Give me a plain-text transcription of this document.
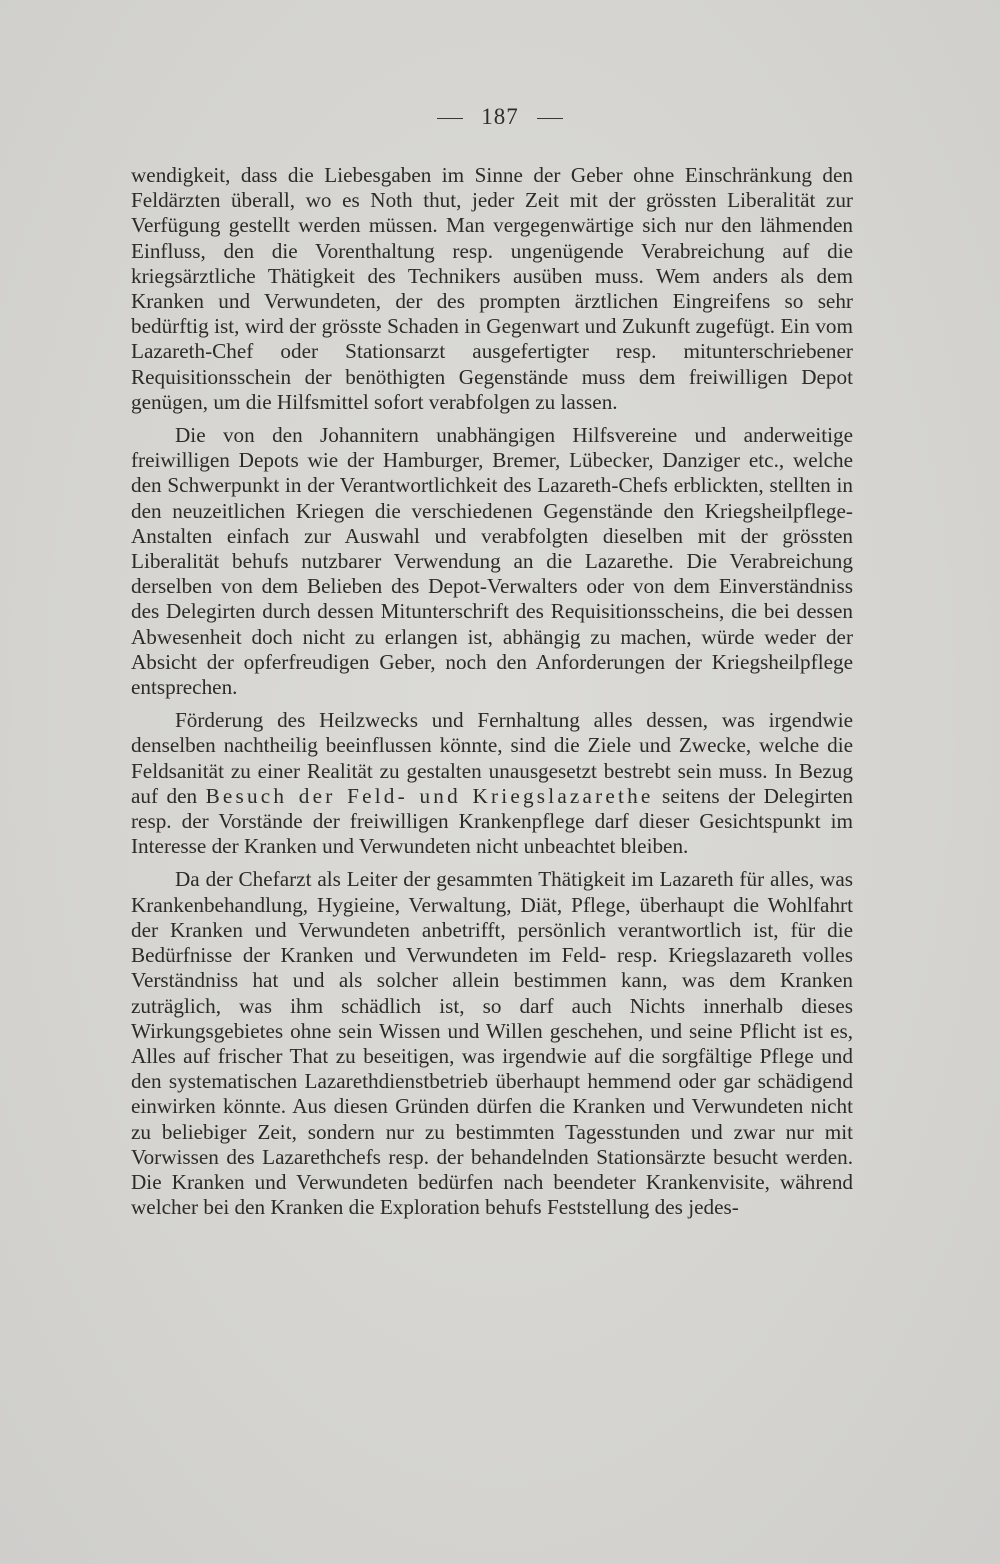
187

wendigkeit, dass die Liebesgaben im Sinne der Geber ohne Einschränkung den Feldärzten überall, wo es Noth thut, jeder Zeit mit der grössten Liberalität zur Verfügung gestellt werden müssen. Man vergegenwärtige sich nur den lähmenden Einfluss, den die Vorenthaltung resp. ungenügende Verabreichung auf die kriegsärztliche Thätigkeit des Technikers ausüben muss. Wem anders als dem Kranken und Verwundeten, der des prompten ärztlichen Eingreifens so sehr bedürftig ist, wird der grösste Schaden in Gegenwart und Zukunft zugefügt. Ein vom Lazareth-Chef oder Stationsarzt ausgefertigter resp. mitunterschriebener Requisitionsschein der benöthigten Gegenstände muss dem freiwilligen Depot genügen, um die Hilfsmittel sofort verabfolgen zu lassen.

Die von den Johannitern unabhängigen Hilfsvereine und anderweitige freiwilligen Depots wie der Hamburger, Bremer, Lübecker, Danziger etc., welche den Schwerpunkt in der Verantwortlichkeit des Lazareth-Chefs erblickten, stellten in den neuzeitlichen Kriegen die verschiedenen Gegenstände den Kriegsheilpflege-Anstalten einfach zur Auswahl und verabfolgten dieselben mit der grössten Liberalität behufs nutzbarer Verwendung an die Lazarethe. Die Verabreichung derselben von dem Belieben des Depot-Verwalters oder von dem Einverständniss des Delegirten durch dessen Mitunterschrift des Requisitionsscheins, die bei dessen Abwesenheit doch nicht zu erlangen ist, abhängig zu machen, würde weder der Absicht der opferfreudigen Geber, noch den Anforderungen der Kriegsheilpflege entsprechen.

Förderung des Heilzwecks und Fernhaltung alles dessen, was irgendwie denselben nachtheilig beeinflussen könnte, sind die Ziele und Zwecke, welche die Feldsanität zu einer Realität zu gestalten unausgesetzt bestrebt sein muss. In Bezug auf den Besuch der Feld- und Kriegslazarethe seitens der Delegirten resp. der Vorstände der freiwilligen Krankenpflege darf dieser Gesichtspunkt im Interesse der Kranken und Verwundeten nicht unbeachtet bleiben.

Da der Chefarzt als Leiter der gesammten Thätigkeit im Lazareth für alles, was Krankenbehandlung, Hygieine, Verwaltung, Diät, Pflege, überhaupt die Wohlfahrt der Kranken und Verwundeten anbetrifft, persönlich verantwortlich ist, für die Bedürfnisse der Kranken und Verwundeten im Feld- resp. Kriegslazareth volles Verständniss hat und als solcher allein bestimmen kann, was dem Kranken zuträglich, was ihm schädlich ist, so darf auch Nichts innerhalb dieses Wirkungsgebietes ohne sein Wissen und Willen geschehen, und seine Pflicht ist es, Alles auf frischer That zu beseitigen, was irgendwie auf die sorgfältige Pflege und den systematischen Lazarethdienstbetrieb überhaupt hemmend oder gar schädigend einwirken könnte. Aus diesen Gründen dürfen die Kranken und Verwundeten nicht zu beliebiger Zeit, sondern nur zu bestimmten Tagesstunden und zwar nur mit Vorwissen des Lazarethchefs resp. der behandelnden Stationsärzte besucht werden. Die Kranken und Verwundeten bedürfen nach beendeter Krankenvisite, während welcher bei den Kranken die Exploration behufs Feststellung des jedes-
